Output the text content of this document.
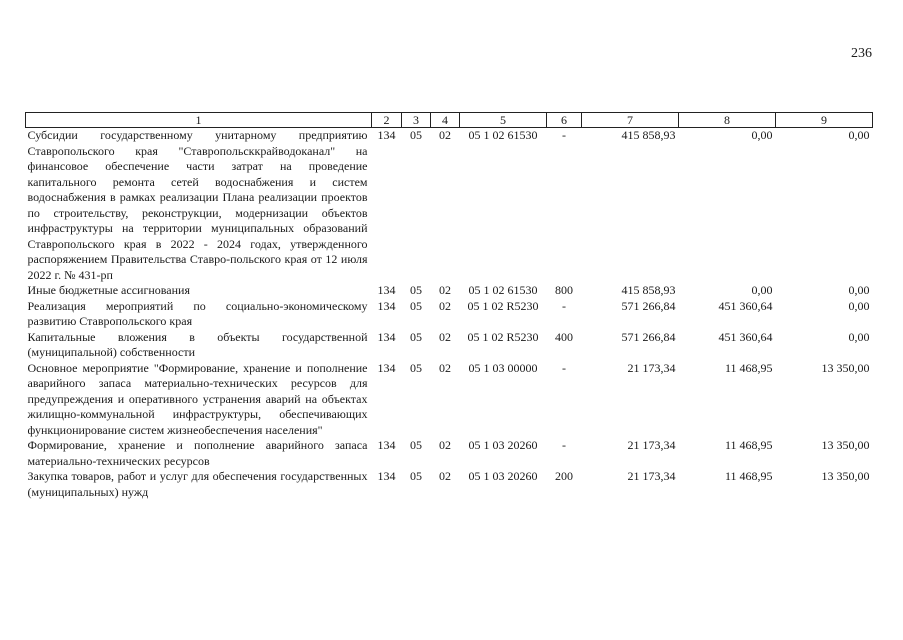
236
1	2	3	4	5	6	7	8	9
Субсидии государственному унитарному предприятию Ставропольского края "Ставропольсккрайводоканал" на финансовое обеспечение части затрат на проведение капитального ремонта сетей водоснабжения и систем водоснабжения в рамках реализации Плана реализации проектов по строительству, реконструкции, модернизации объектов инфраструктуры на территории муниципальных образований Ставропольского края в 2022 - 2024 годах, утвержденного распоряжением Правительства Ставро-польского края от 12 июля 2022 г. № 431-рп	134	05	02	05 1 02 61530	-	415 858,93	0,00	0,00
Иные бюджетные ассигнования	134	05	02	05 1 02 61530	800	415 858,93	0,00	0,00
Реализация мероприятий по социально-экономическому развитию Ставропольского края	134	05	02	05 1 02 R5230	-	571 266,84	451 360,64	0,00
Капитальные вложения в объекты государственной (муниципальной) собственности	134	05	02	05 1 02 R5230	400	571 266,84	451 360,64	0,00
Основное мероприятие "Формирование, хранение и пополнение аварийного запаса материально-технических ресурсов для предупреждения и оперативного устранения аварий на объектах жилищно-коммунальной инфраструктуры, обеспечивающих функционирование систем жизнеобеспечения населения"	134	05	02	05 1 03 00000	-	21 173,34	11 468,95	13 350,00
Формирование, хранение и пополнение аварийного запаса материально-технических ресурсов	134	05	02	05 1 03 20260	-	21 173,34	11 468,95	13 350,00
Закупка товаров, работ и услуг для обеспечения государственных (муниципальных) нужд	134	05	02	05 1 03 20260	200	21 173,34	11 468,95	13 350,00
